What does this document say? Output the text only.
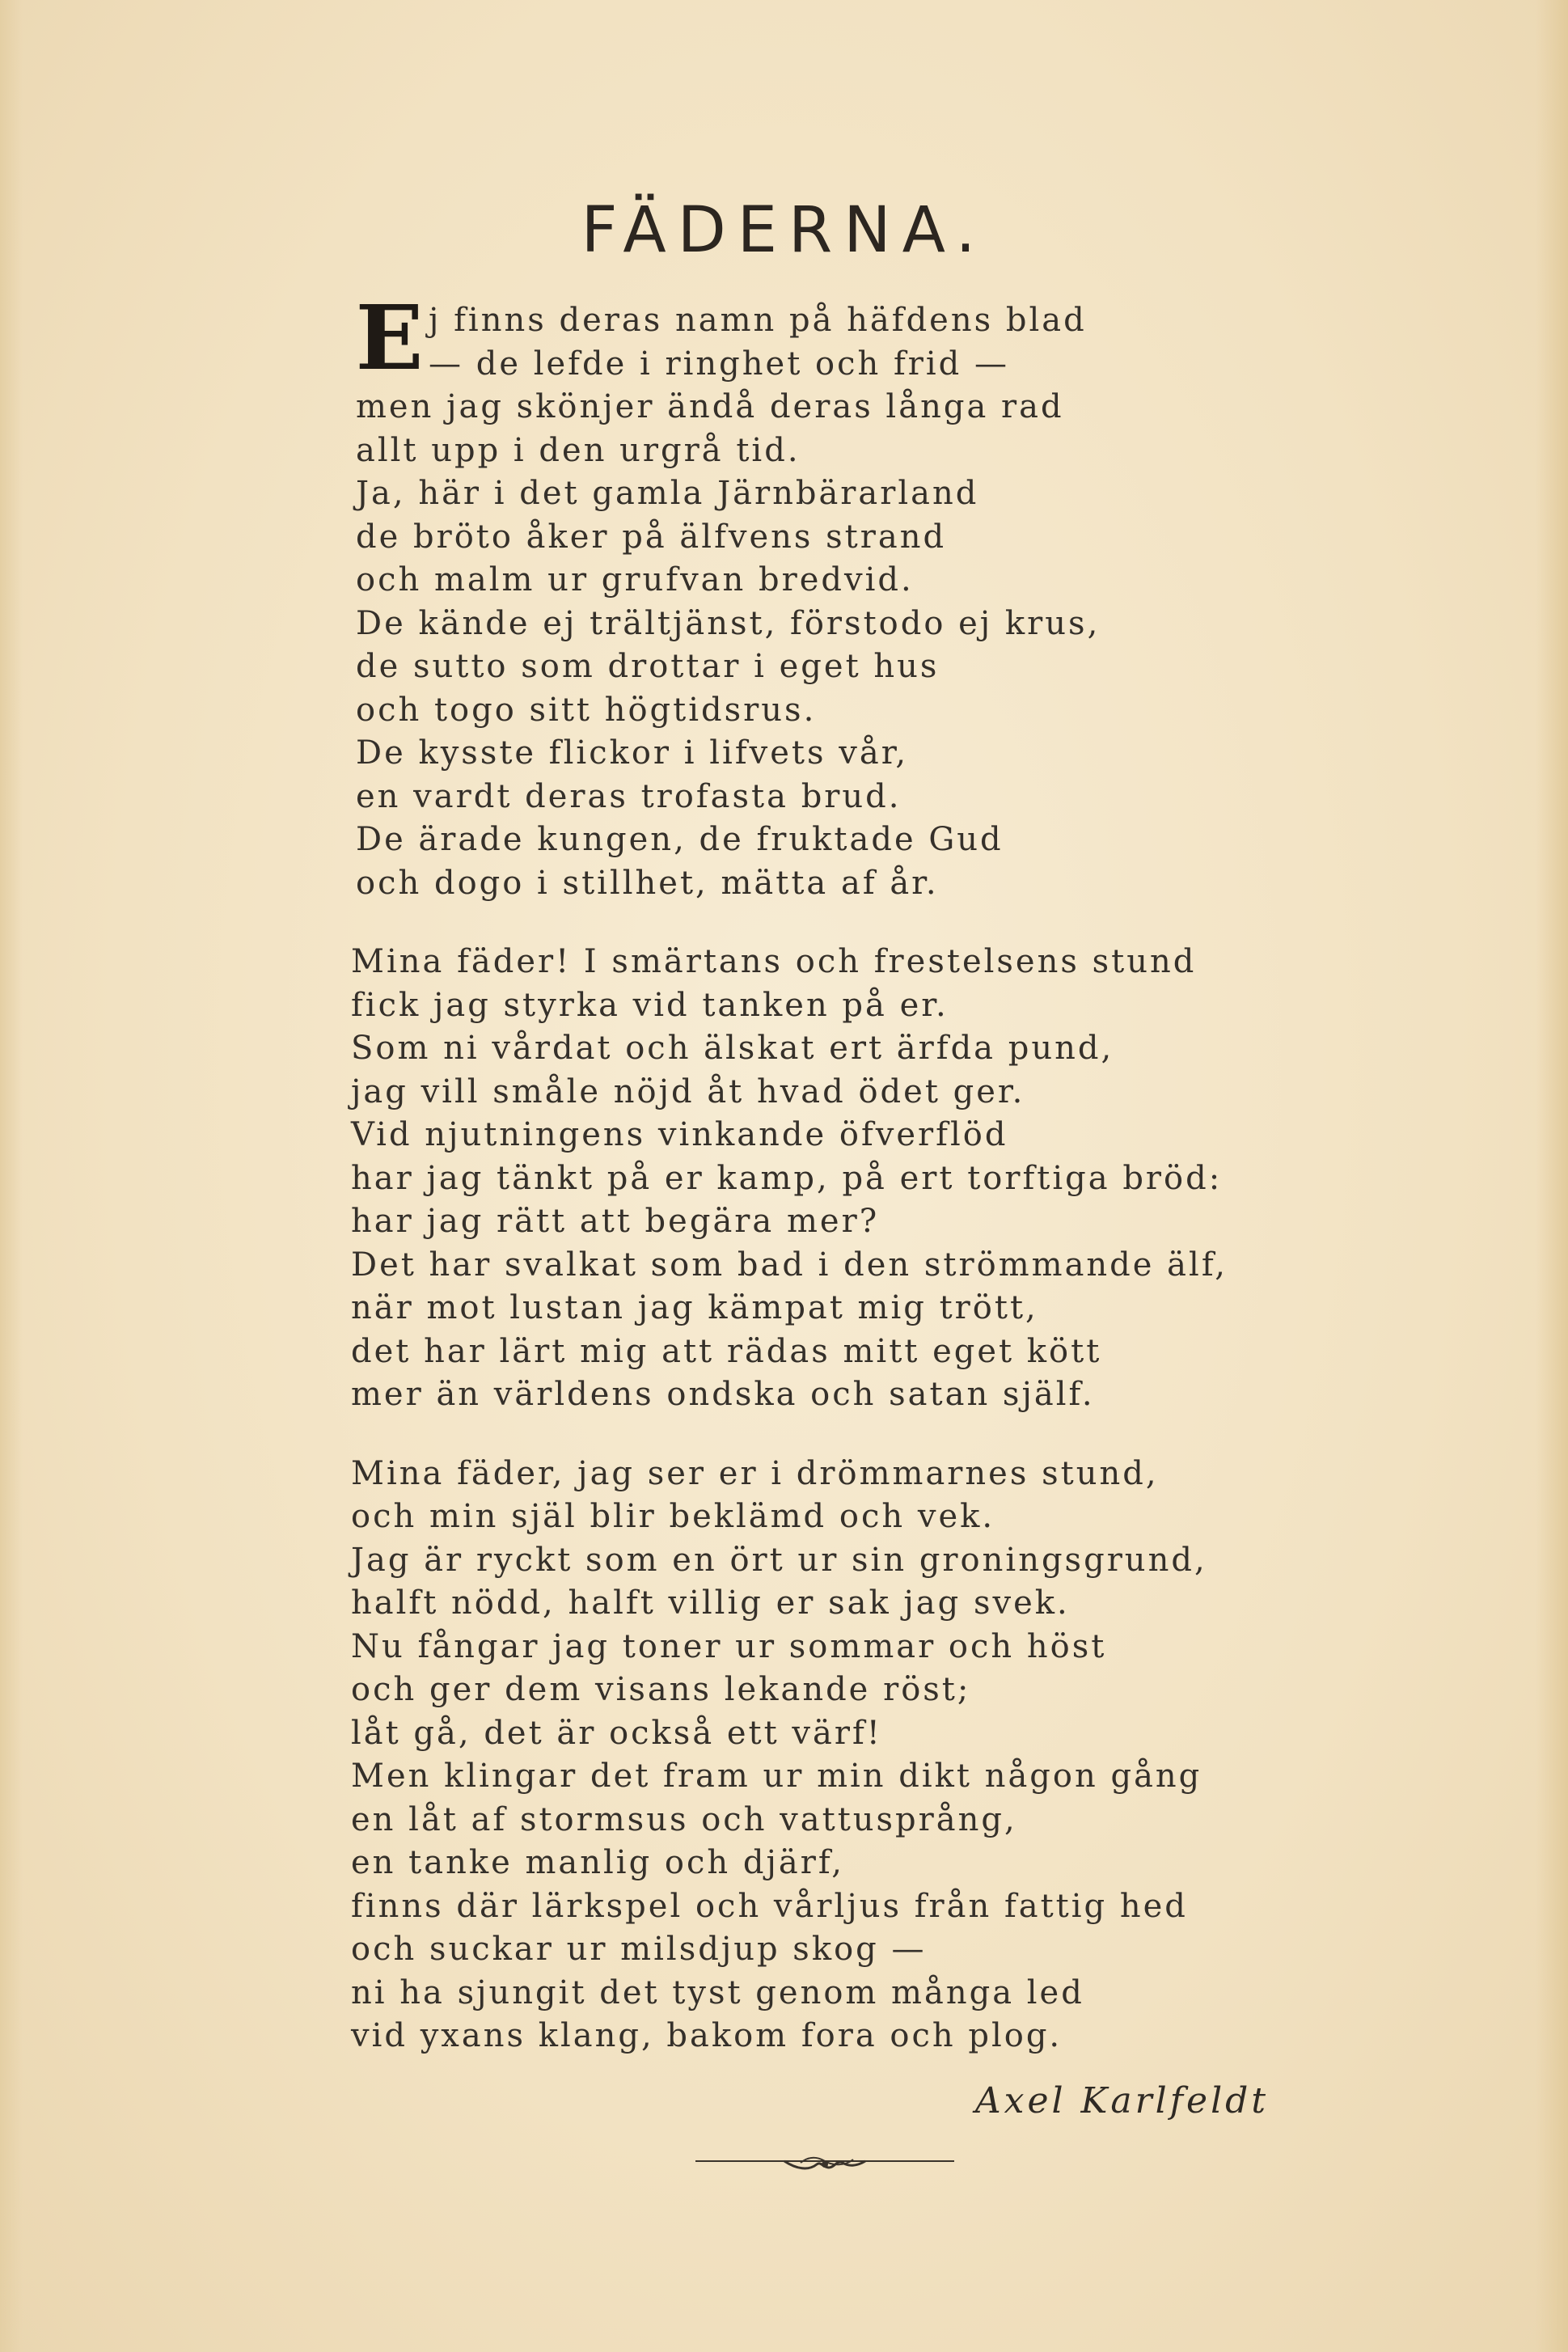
FÄDERNA.
E j finns deras namn på häfdens blad
— de lefde i ringhet och frid —
men jag skönjer ändå deras långa rad
allt upp i den urgrå tid.
Ja, här i det gamla Järnbärarland
de bröto åker på älfvens strand
och malm ur grufvan bredvid.
De kände ej trältjänst, förstodo ej krus,
de sutto som drottar i eget hus
och togo sitt högtidsrus.
De kysste flickor i lifvets vår,
en vardt deras trofasta brud.
De ärade kungen, de fruktade Gud
och dogo i stillhet, mätta af år.
Mina fäder! I smärtans och frestelsens stund
fick jag styrka vid tanken på er.
Som ni vårdat och älskat ert ärfda pund,
jag vill småle nöjd åt hvad ödet ger.
Vid njutningens vinkande öfverflöd
har jag tänkt på er kamp, på ert torftiga bröd:
har jag rätt att begära mer?
Det har svalkat som bad i den strömmande älf,
när mot lustan jag kämpat mig trött,
det har lärt mig att rädas mitt eget kött
mer än världens ondska och satan själf.
Mina fäder, jag ser er i drömmarnes stund,
och min själ blir beklämd och vek.
Jag är ryckt som en ört ur sin groningsgrund,
halft nödd, halft villig er sak jag svek.
Nu fångar jag toner ur sommar och höst
och ger dem visans lekande röst;
låt gå, det är också ett värf!
Men klingar det fram ur min dikt någon gång
en låt af stormsus och vattusprång,
en tanke manlig och djärf,
finns där lärkspel och vårljus från fattig hed
och suckar ur milsdjup skog —
ni ha sjungit det tyst genom många led
vid yxans klang, bakom fora och plog.
Axel Karlfeldt
